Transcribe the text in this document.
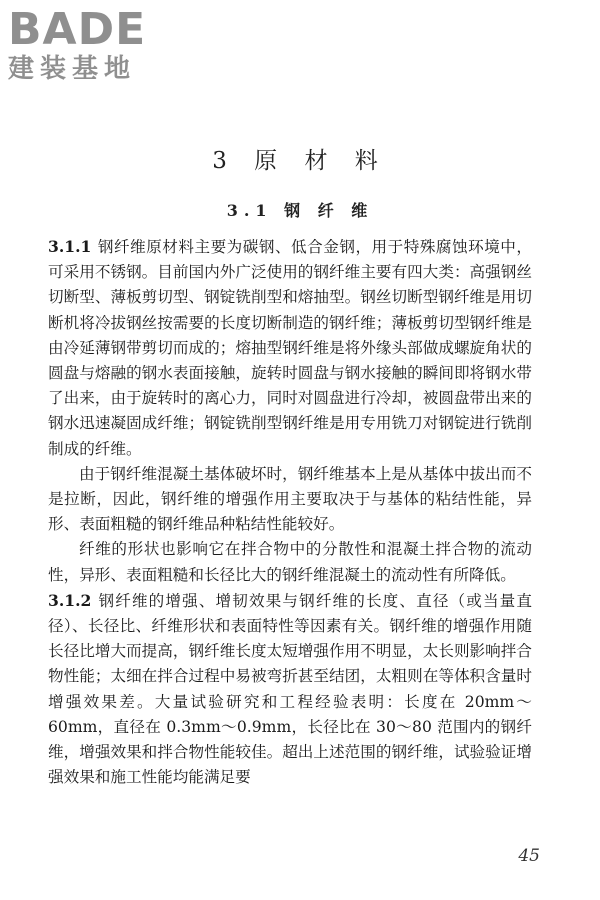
BADE
建装基地
3 原 材 料
3.1 钢 纤 维

3.1.1 钢纤维原材料主要为碳钢、低合金钢，用于特殊腐蚀环境中，可采用不锈钢。目前国内外广泛使用的钢纤维主要有四大类：高强钢丝切断型、薄板剪切型、钢锭铣削型和熔抽型。钢丝切断型钢纤维是用切断机将冷拔钢丝按需要的长度切断制造的钢纤维；薄板剪切型钢纤维是由冷延薄钢带剪切而成的；熔抽型钢纤维是将外缘头部做成螺旋角状的圆盘与熔融的钢水表面接触，旋转时圆盘与钢水接触的瞬间即将钢水带了出来，由于旋转时的离心力，同时对圆盘进行冷却，被圆盘带出来的钢水迅速凝固成纤维；钢锭铣削型钢纤维是用专用铣刀对钢锭进行铣削制成的纤维。

由于钢纤维混凝土基体破坏时，钢纤维基本上是从基体中拔出而不是拉断，因此，钢纤维的增强作用主要取决于与基体的粘结性能，异形、表面粗糙的钢纤维品种粘结性能较好。

纤维的形状也影响它在拌合物中的分散性和混凝土拌合物的流动性，异形、表面粗糙和长径比大的钢纤维混凝土的流动性有所降低。

3.1.2 钢纤维的增强、增韧效果与钢纤维的长度、直径（或当量直径）、长径比、纤维形状和表面特性等因素有关。钢纤维的增强作用随长径比增大而提高，钢纤维长度太短增强作用不明显，太长则影响拌合物性能；太细在拌合过程中易被弯折甚至结团，太粗则在等体积含量时增强效果差。大量试验研究和工程经验表明：长度在 20mm～60mm，直径在 0.3mm～0.9mm，长径比在 30～80 范围内的钢纤维，增强效果和拌合物性能较佳。超出上述范围的钢纤维，试验验证增强效果和施工性能均能满足要

45
